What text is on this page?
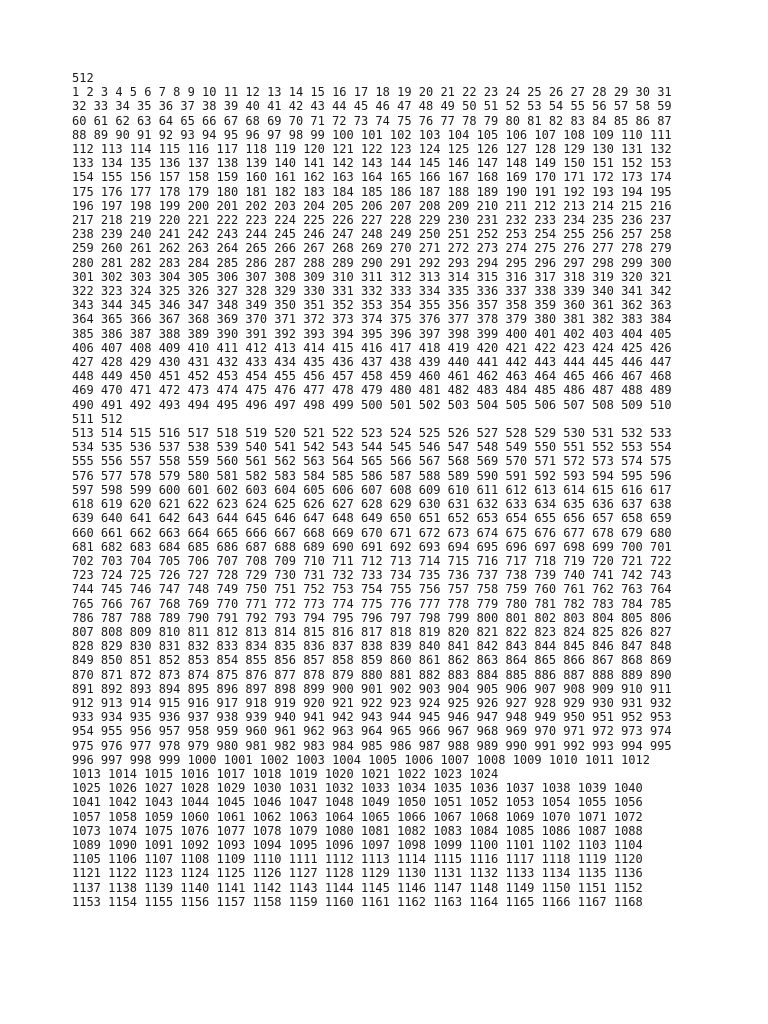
512
1 2 3 4 5 6 7 8 9 10 11 12 13 14 15 16 17 18 19 20 21 22 23 24 25 26 27 28 29 30 31
32 33 34 35 36 37 38 39 40 41 42 43 44 45 46 47 48 49 50 51 52 53 54 55 56 57 58 59
60 61 62 63 64 65 66 67 68 69 70 71 72 73 74 75 76 77 78 79 80 81 82 83 84 85 86 87
88 89 90 91 92 93 94 95 96 97 98 99 100 101 102 103 104 105 106 107 108 109 110 111
112 113 114 115 116 117 118 119 120 121 122 123 124 125 126 127 128 129 130 131 132
133 134 135 136 137 138 139 140 141 142 143 144 145 146 147 148 149 150 151 152 153
154 155 156 157 158 159 160 161 162 163 164 165 166 167 168 169 170 171 172 173 174
175 176 177 178 179 180 181 182 183 184 185 186 187 188 189 190 191 192 193 194 195
196 197 198 199 200 201 202 203 204 205 206 207 208 209 210 211 212 213 214 215 216
217 218 219 220 221 222 223 224 225 226 227 228 229 230 231 232 233 234 235 236 237
238 239 240 241 242 243 244 245 246 247 248 249 250 251 252 253 254 255 256 257 258
259 260 261 262 263 264 265 266 267 268 269 270 271 272 273 274 275 276 277 278 279
280 281 282 283 284 285 286 287 288 289 290 291 292 293 294 295 296 297 298 299 300
301 302 303 304 305 306 307 308 309 310 311 312 313 314 315 316 317 318 319 320 321
322 323 324 325 326 327 328 329 330 331 332 333 334 335 336 337 338 339 340 341 342
343 344 345 346 347 348 349 350 351 352 353 354 355 356 357 358 359 360 361 362 363
364 365 366 367 368 369 370 371 372 373 374 375 376 377 378 379 380 381 382 383 384
385 386 387 388 389 390 391 392 393 394 395 396 397 398 399 400 401 402 403 404 405
406 407 408 409 410 411 412 413 414 415 416 417 418 419 420 421 422 423 424 425 426
427 428 429 430 431 432 433 434 435 436 437 438 439 440 441 442 443 444 445 446 447
448 449 450 451 452 453 454 455 456 457 458 459 460 461 462 463 464 465 466 467 468
469 470 471 472 473 474 475 476 477 478 479 480 481 482 483 484 485 486 487 488 489
490 491 492 493 494 495 496 497 498 499 500 501 502 503 504 505 506 507 508 509 510
511 512
513 514 515 516 517 518 519 520 521 522 523 524 525 526 527 528 529 530 531 532 533
534 535 536 537 538 539 540 541 542 543 544 545 546 547 548 549 550 551 552 553 554
555 556 557 558 559 560 561 562 563 564 565 566 567 568 569 570 571 572 573 574 575
576 577 578 579 580 581 582 583 584 585 586 587 588 589 590 591 592 593 594 595 596
597 598 599 600 601 602 603 604 605 606 607 608 609 610 611 612 613 614 615 616 617
618 619 620 621 622 623 624 625 626 627 628 629 630 631 632 633 634 635 636 637 638
639 640 641 642 643 644 645 646 647 648 649 650 651 652 653 654 655 656 657 658 659
660 661 662 663 664 665 666 667 668 669 670 671 672 673 674 675 676 677 678 679 680
681 682 683 684 685 686 687 688 689 690 691 692 693 694 695 696 697 698 699 700 701
702 703 704 705 706 707 708 709 710 711 712 713 714 715 716 717 718 719 720 721 722
723 724 725 726 727 728 729 730 731 732 733 734 735 736 737 738 739 740 741 742 743
744 745 746 747 748 749 750 751 752 753 754 755 756 757 758 759 760 761 762 763 764
765 766 767 768 769 770 771 772 773 774 775 776 777 778 779 780 781 782 783 784 785
786 787 788 789 790 791 792 793 794 795 796 797 798 799 800 801 802 803 804 805 806
807 808 809 810 811 812 813 814 815 816 817 818 819 820 821 822 823 824 825 826 827
828 829 830 831 832 833 834 835 836 837 838 839 840 841 842 843 844 845 846 847 848
849 850 851 852 853 854 855 856 857 858 859 860 861 862 863 864 865 866 867 868 869
870 871 872 873 874 875 876 877 878 879 880 881 882 883 884 885 886 887 888 889 890
891 892 893 894 895 896 897 898 899 900 901 902 903 904 905 906 907 908 909 910 911
912 913 914 915 916 917 918 919 920 921 922 923 924 925 926 927 928 929 930 931 932
933 934 935 936 937 938 939 940 941 942 943 944 945 946 947 948 949 950 951 952 953
954 955 956 957 958 959 960 961 962 963 964 965 966 967 968 969 970 971 972 973 974
975 976 977 978 979 980 981 982 983 984 985 986 987 988 989 990 991 992 993 994 995
996 997 998 999 1000 1001 1002 1003 1004 1005 1006 1007 1008 1009 1010 1011 1012
1013 1014 1015 1016 1017 1018 1019 1020 1021 1022 1023 1024
1025 1026 1027 1028 1029 1030 1031 1032 1033 1034 1035 1036 1037 1038 1039 1040
1041 1042 1043 1044 1045 1046 1047 1048 1049 1050 1051 1052 1053 1054 1055 1056
1057 1058 1059 1060 1061 1062 1063 1064 1065 1066 1067 1068 1069 1070 1071 1072
1073 1074 1075 1076 1077 1078 1079 1080 1081 1082 1083 1084 1085 1086 1087 1088
1089 1090 1091 1092 1093 1094 1095 1096 1097 1098 1099 1100 1101 1102 1103 1104
1105 1106 1107 1108 1109 1110 1111 1112 1113 1114 1115 1116 1117 1118 1119 1120
1121 1122 1123 1124 1125 1126 1127 1128 1129 1130 1131 1132 1133 1134 1135 1136
1137 1138 1139 1140 1141 1142 1143 1144 1145 1146 1147 1148 1149 1150 1151 1152
1153 1154 1155 1156 1157 1158 1159 1160 1161 1162 1163 1164 1165 1166 1167 1168
